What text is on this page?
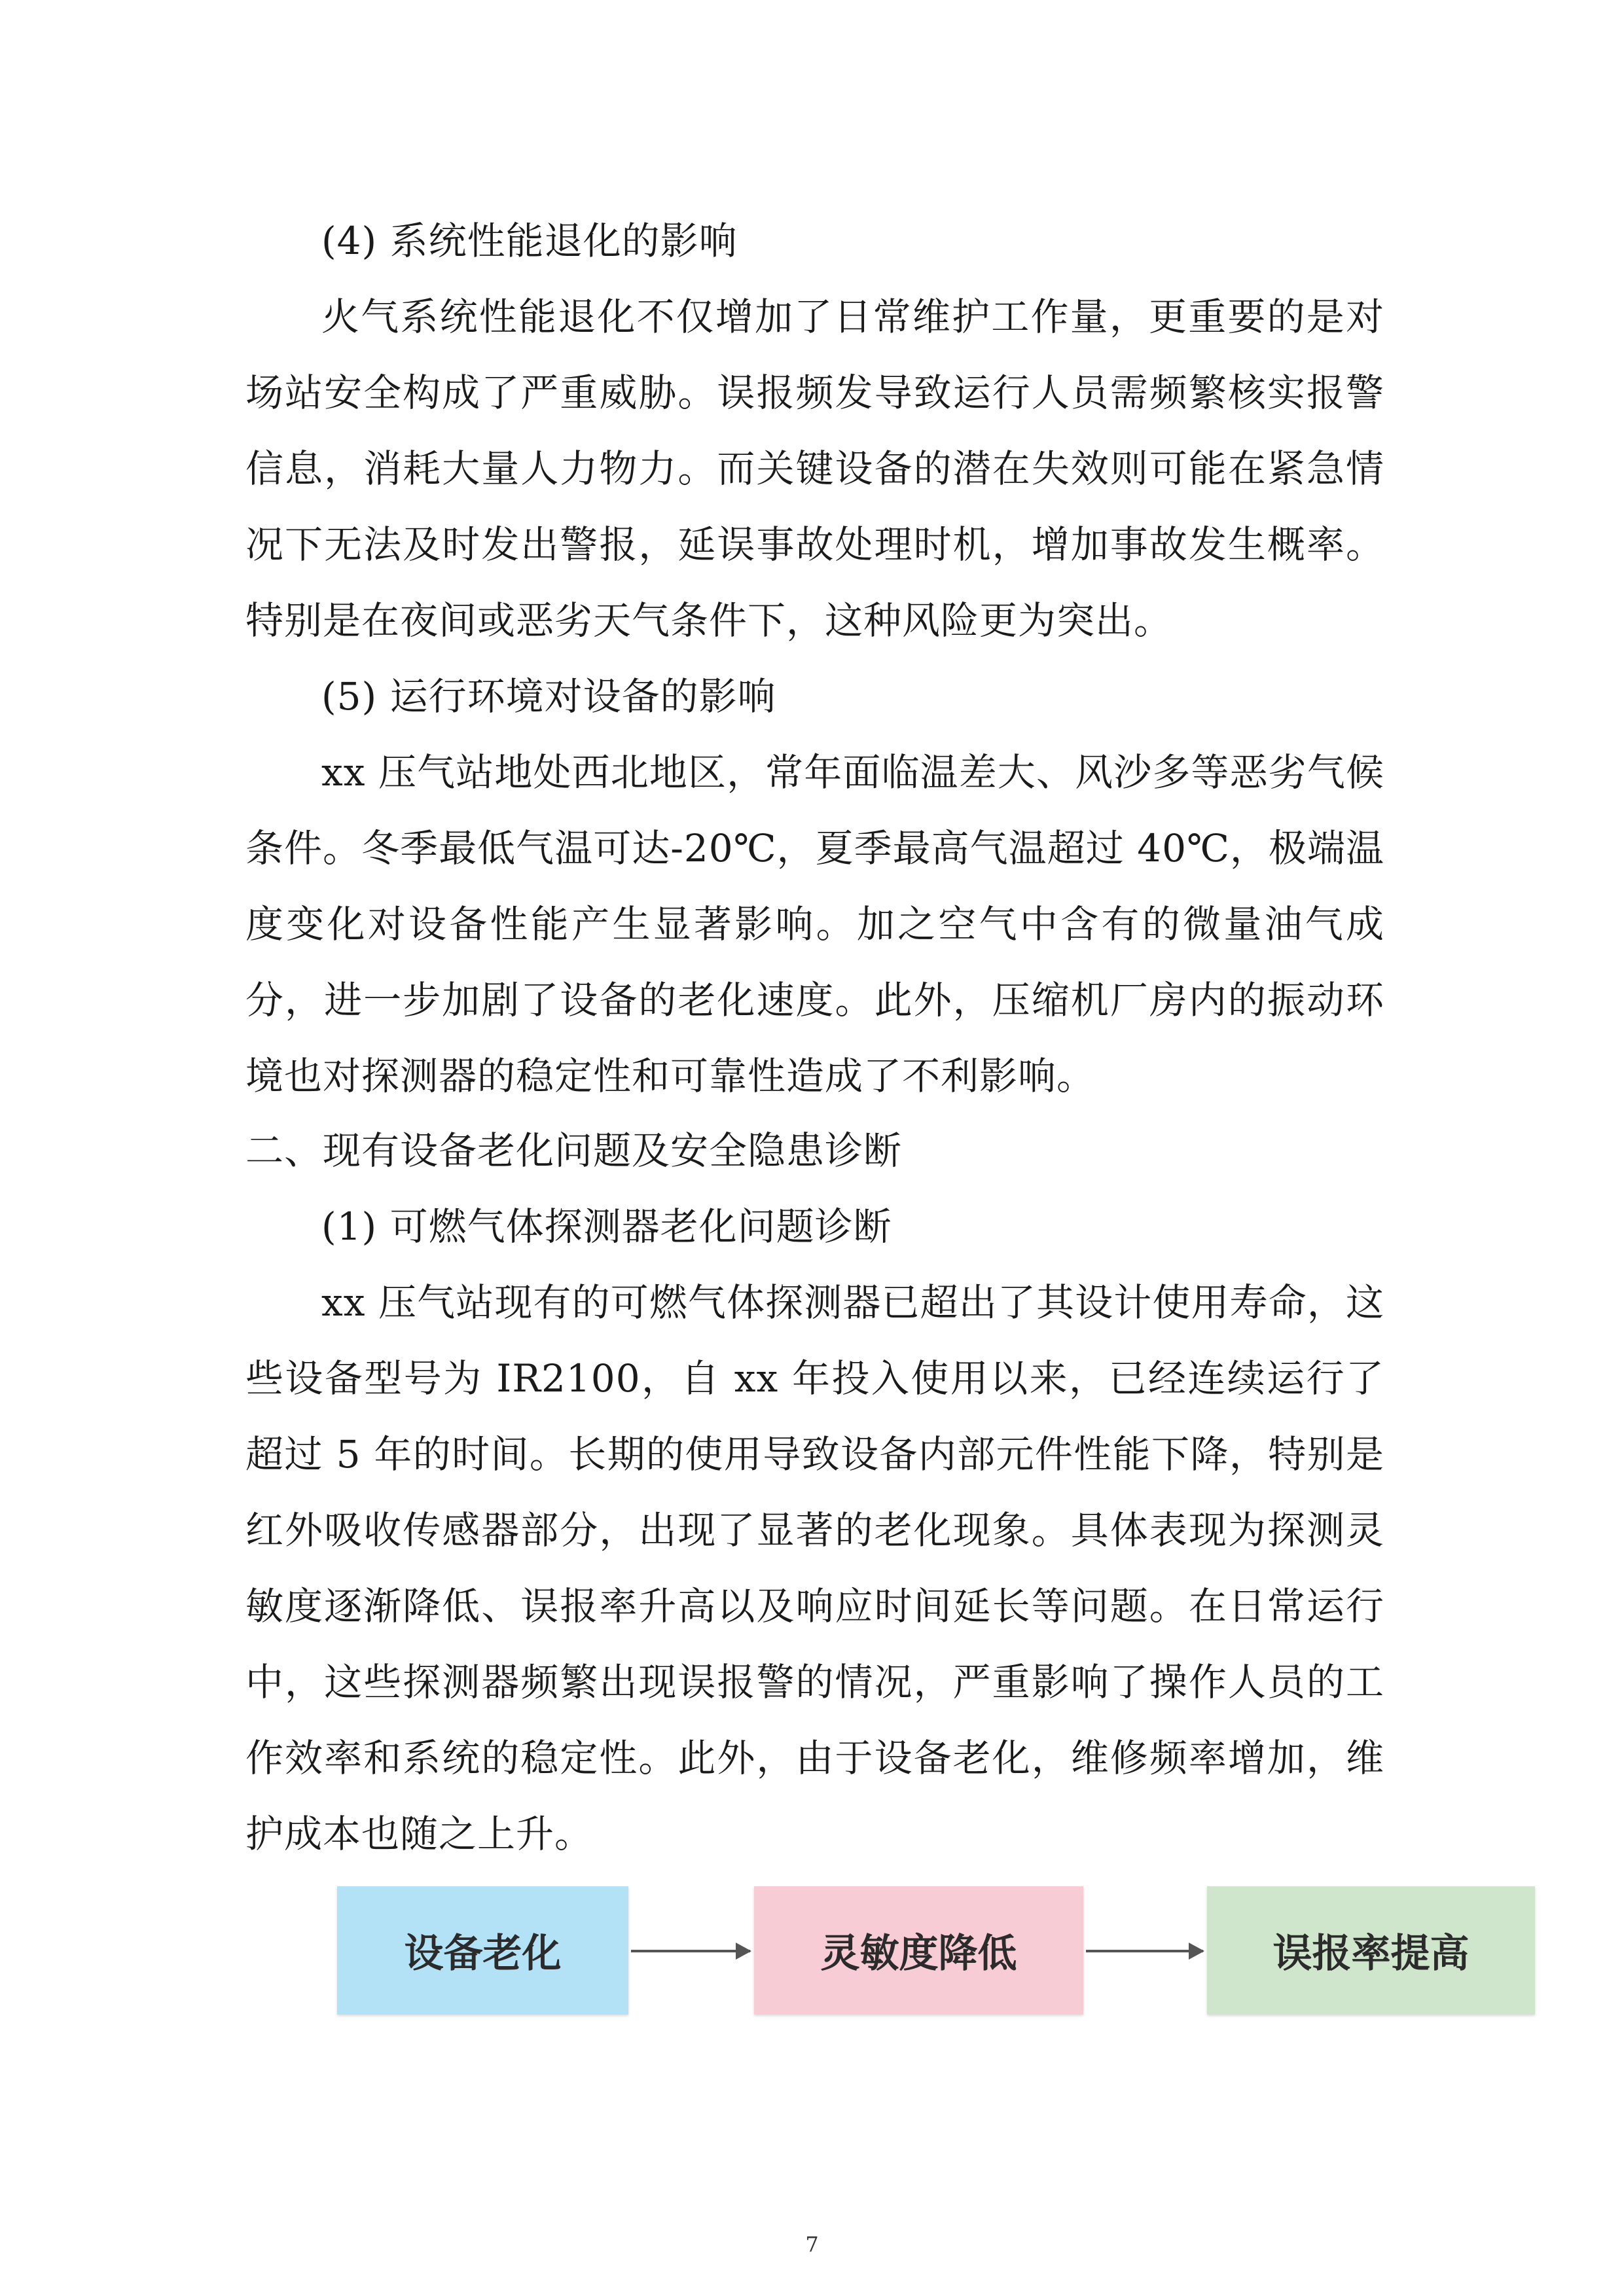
(4) 系统性能退化的影响

火气系统性能退化不仅增加了日常维护工作量，更重要的是对场站安全构成了严重威胁。误报频发导致运行人员需频繁核实报警信息，消耗大量人力物力。而关键设备的潜在失效则可能在紧急情况下无法及时发出警报，延误事故处理时机，增加事故发生概率。特别是在夜间或恶劣天气条件下，这种风险更为突出。

(5) 运行环境对设备的影响

xx 压气站地处西北地区，常年面临温差大、风沙多等恶劣气候条件。冬季最低气温可达-20℃，夏季最高气温超过 40℃，极端温度变化对设备性能产生显著影响。加之空气中含有的微量油气成分，进一步加剧了设备的老化速度。此外，压缩机厂房内的振动环境也对探测器的稳定性和可靠性造成了不利影响。

二、现有设备老化问题及安全隐患诊断

(1) 可燃气体探测器老化问题诊断

xx 压气站现有的可燃气体探测器已超出了其设计使用寿命，这些设备型号为 IR2100，自 xx 年投入使用以来，已经连续运行了超过 5 年的时间。长期的使用导致设备内部元件性能下降，特别是红外吸收传感器部分，出现了显著的老化现象。具体表现为探测灵敏度逐渐降低、误报率升高以及响应时间延长等问题。在日常运行中，这些探测器频繁出现误报警的情况，严重影响了操作人员的工作效率和系统的稳定性。此外，由于设备老化，维修频率增加，维护成本也随之上升。

设备老化	灵敏度降低	误报率提高
7
